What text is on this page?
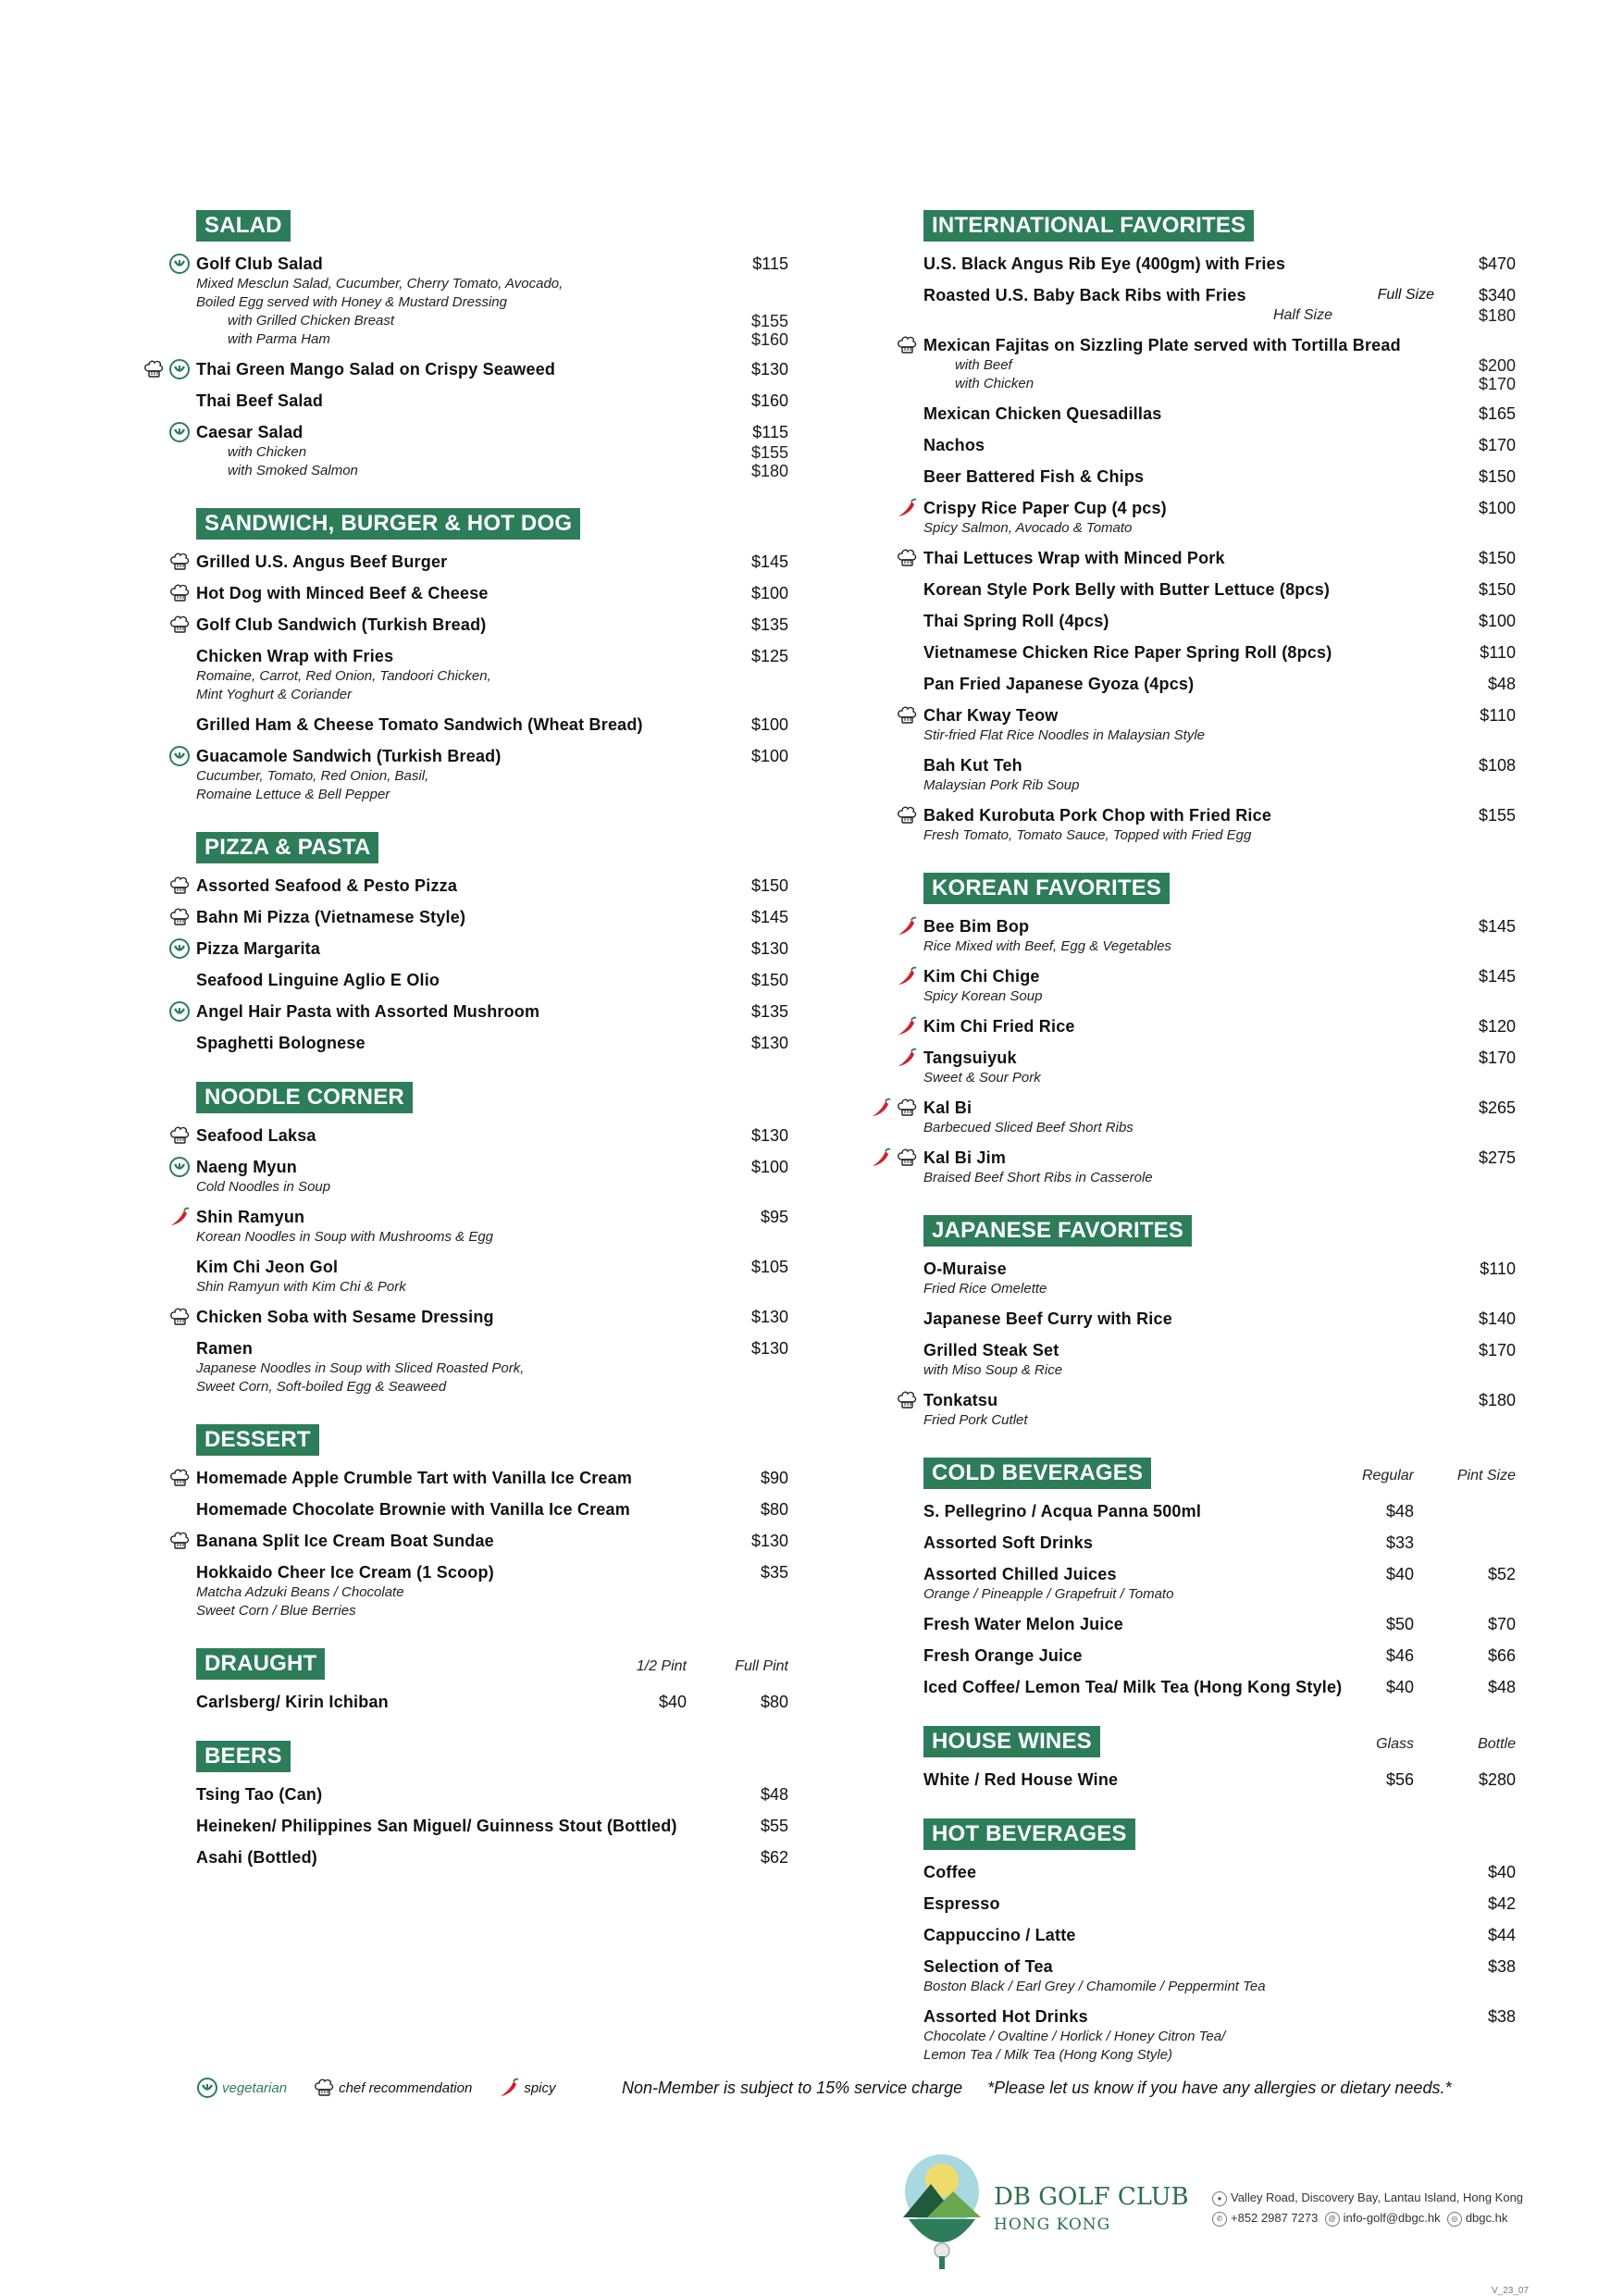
SALAD
Golf Club Salad	$115
Mixed Mesclun Salad, Cucumber, Cherry Tomato, Avocado,
Boiled Egg served with Honey & Mustard Dressing
with Grilled Chicken Breast	$155
with Parma Ham	$160
Thai Green Mango Salad on Crispy Seaweed	$130
Thai Beef Salad	$160
Caesar Salad	$115
with Chicken	$155
with Smoked Salmon	$180
SANDWICH, BURGER & HOT DOG
Grilled U.S. Angus Beef Burger	$145
Hot Dog with Minced Beef & Cheese	$100
Golf Club Sandwich (Turkish Bread)	$135
Chicken Wrap with Fries	$125
Romaine, Carrot, Red Onion, Tandoori Chicken,
Mint Yoghurt & Coriander
Grilled Ham & Cheese Tomato Sandwich (Wheat Bread)	$100
Guacamole Sandwich (Turkish Bread)	$100
Cucumber, Tomato, Red Onion, Basil,
Romaine Lettuce & Bell Pepper
PIZZA & PASTA
Assorted Seafood & Pesto Pizza	$150
Bahn Mi Pizza (Vietnamese Style)	$145
Pizza Margarita	$130
Seafood Linguine Aglio E Olio	$150
Angel Hair Pasta with Assorted Mushroom	$135
Spaghetti Bolognese	$130
NOODLE CORNER
Seafood Laksa	$130
Naeng Myun	$100
Cold Noodles in Soup
Shin Ramyun	$95
Korean Noodles in Soup with Mushrooms & Egg
Kim Chi Jeon Gol	$105
Shin Ramyun with Kim Chi & Pork
Chicken Soba with Sesame Dressing	$130
Ramen	$130
Japanese Noodles in Soup with Sliced Roasted Pork,
Sweet Corn, Soft-boiled Egg & Seaweed
DESSERT
Homemade Apple Crumble Tart with Vanilla Ice Cream	$90
Homemade Chocolate Brownie with Vanilla Ice Cream	$80
Banana Split Ice Cream Boat Sundae	$130
Hokkaido Cheer Ice Cream (1 Scoop)	$35
Matcha Adzuki Beans / Chocolate
Sweet Corn / Blue Berries
DRAUGHT	1/2 Pint	Full Pint
Carlsberg/ Kirin Ichiban	$40	$80
BEERS
Tsing Tao (Can)	$48
Heineken/ Philippines San Miguel/ Guinness Stout (Bottled)	$55
Asahi (Bottled)	$62
INTERNATIONAL FAVORITES
U.S. Black Angus Rib Eye (400gm) with Fries	$470
Roasted U.S. Baby Back Ribs with Fries	Full Size	$340
Half Size	$180
Mexican Fajitas on Sizzling Plate served with Tortilla Bread
with Beef	$200
with Chicken	$170
Mexican Chicken Quesadillas	$165
Nachos	$170
Beer Battered Fish & Chips	$150
Crispy Rice Paper Cup (4 pcs)	$100
Spicy Salmon, Avocado & Tomato
Thai Lettuces Wrap with Minced Pork	$150
Korean Style Pork Belly with Butter Lettuce (8pcs)	$150
Thai Spring Roll (4pcs)	$100
Vietnamese Chicken Rice Paper Spring Roll (8pcs)	$110
Pan Fried Japanese Gyoza (4pcs)	$48
Char Kway Teow	$110
Stir-fried Flat Rice Noodles in Malaysian Style
Bah Kut Teh	$108
Malaysian Pork Rib Soup
Baked Kurobuta Pork Chop with Fried Rice	$155
Fresh Tomato, Tomato Sauce, Topped with Fried Egg
KOREAN FAVORITES
Bee Bim Bop	$145
Rice Mixed with Beef, Egg & Vegetables
Kim Chi Chige	$145
Spicy Korean Soup
Kim Chi Fried Rice	$120
Tangsuiyuk	$170
Sweet & Sour Pork
Kal Bi	$265
Barbecued Sliced Beef Short Ribs
Kal Bi Jim	$275
Braised Beef Short Ribs in Casserole
JAPANESE FAVORITES
O-Muraise	$110
Fried Rice Omelette
Japanese Beef Curry with Rice	$140
Grilled Steak Set	$170
with Miso Soup & Rice
Tonkatsu	$180
Fried Pork Cutlet
COLD BEVERAGES	Regular	Pint Size
S. Pellegrino / Acqua Panna 500ml	$48
Assorted Soft Drinks	$33
Assorted Chilled Juices	$40	$52
Orange / Pineapple / Grapefruit / Tomato
Fresh Water Melon Juice	$50	$70
Fresh Orange Juice	$46	$66
Iced Coffee/ Lemon Tea/ Milk Tea (Hong Kong Style)	$40	$48
HOUSE WINES	Glass	Bottle
White / Red House Wine	$56	$280
HOT BEVERAGES
Coffee	$40
Espresso	$42
Cappuccino / Latte	$44
Selection of Tea	$38
Boston Black / Earl Grey / Chamomile / Peppermint Tea
Assorted Hot Drinks	$38
Chocolate / Ovaltine / Horlick / Honey Citron Tea/
Lemon Tea / Milk Tea (Hong Kong Style)
vegetarian	chef recommendation	spicy	Non-Member is subject to 15% service charge *Please let us know if you have any allergies or dietary needs.*
DB GOLF CLUB
HONG KONG
● Valley Road, Discovery Bay, Lantau Island, Hong Kong
✆ +852 2987 7273 @ info-golf@dbgc.hk ◎ dbgc.hk
V_23_07
